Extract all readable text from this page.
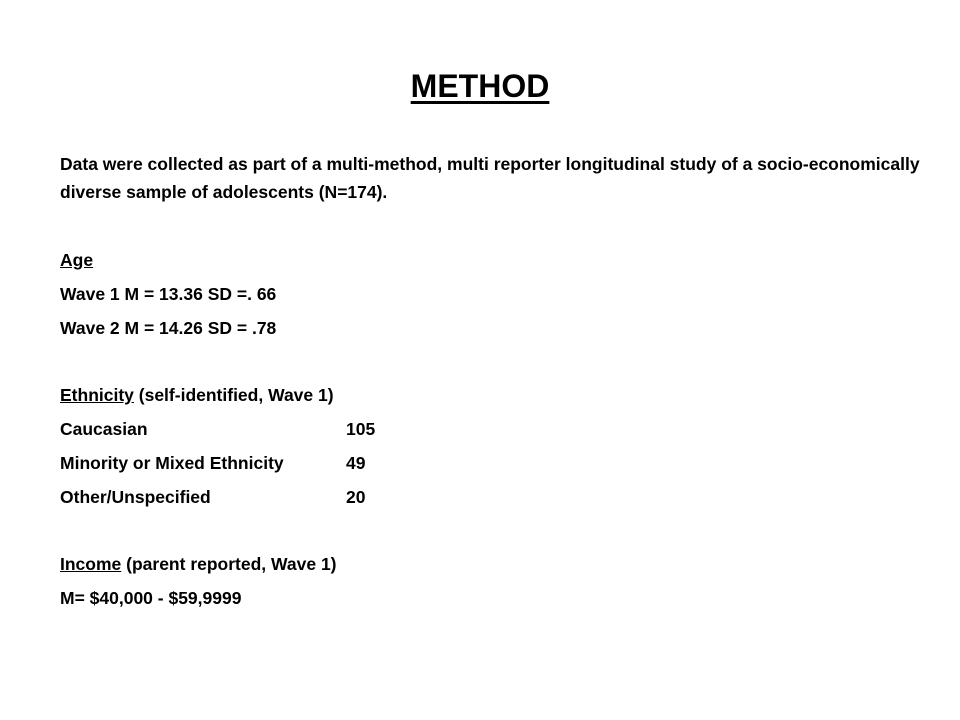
METHOD
Data were collected as part of a multi-method, multi reporter longitudinal study of a socio-economically diverse sample of adolescents (N=174).
Age
Wave 1 M = 13.36 SD =. 66
Wave 2 M = 14.26 SD = .78
Ethnicity (self-identified, Wave 1)
Caucasian	105
Minority or Mixed Ethnicity	49
Other/Unspecified	20
Income (parent reported, Wave 1)
M= $40,000 - $59,9999
